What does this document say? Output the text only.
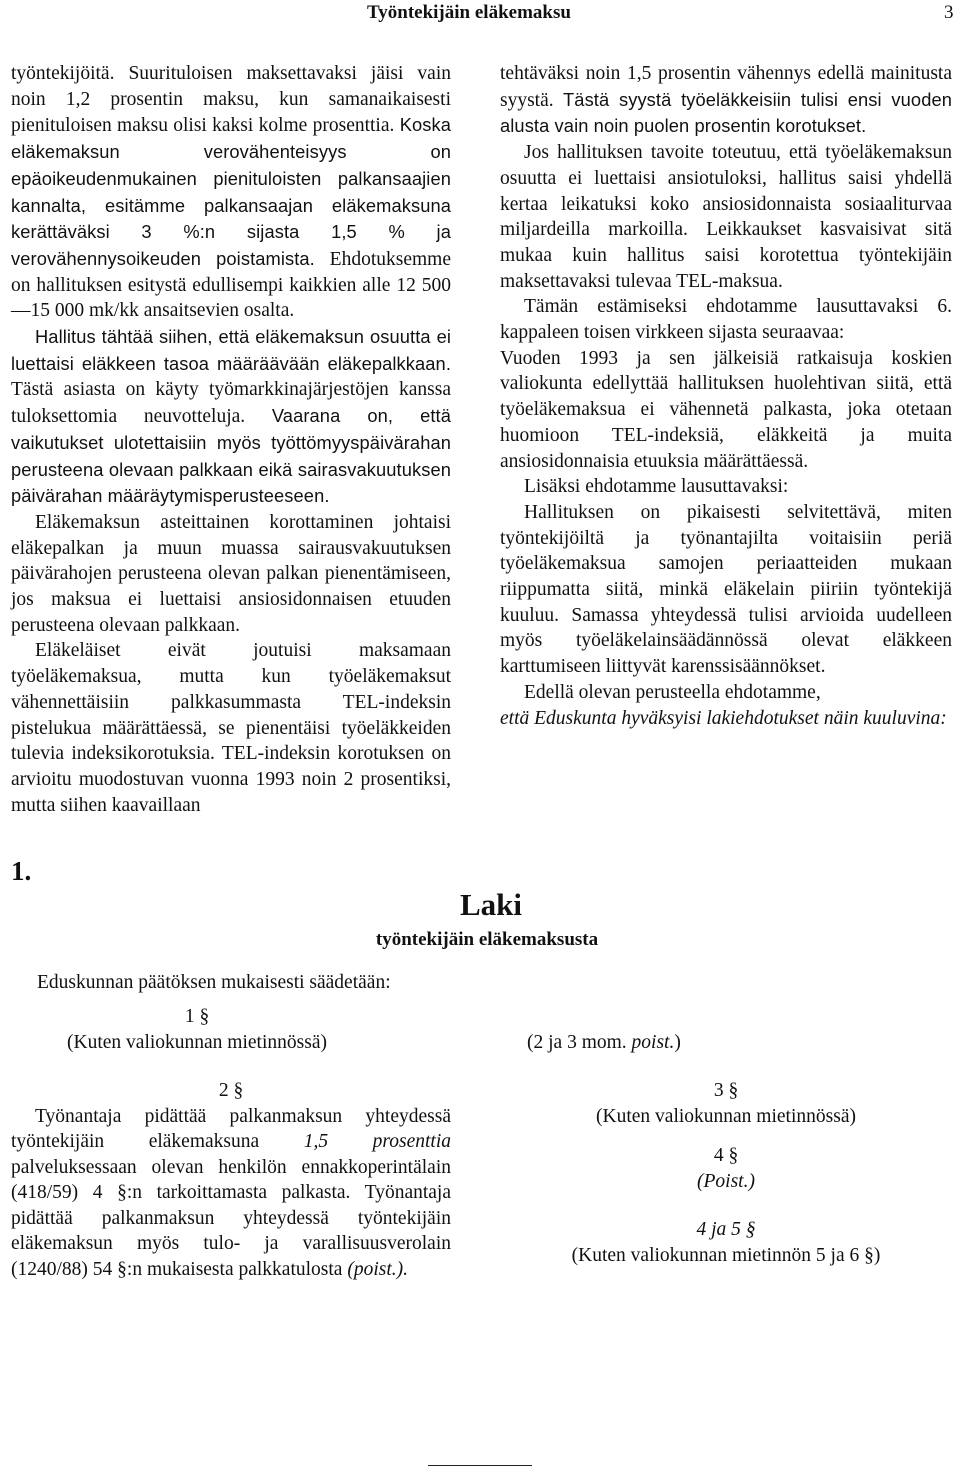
Työntekijäin eläkemaksu	3

työntekijöitä. Suurituloisen maksettavaksi jäisi vain noin 1,2 prosentin maksu, kun samanaikaisesti pienituloisen maksu olisi kaksi kolme prosenttia. Koska eläkemaksun verovähenteisyys on epäoikeudenmukainen pienituloisten palkansaajien kannalta, esitämme palkansaajan eläkemaksuna kerättäväksi 3 %:n sijasta 1,5 % ja verovähennysoikeuden poistamista. Ehdotuksemme on hallituksen esitystä edullisempi kaikkien alle 12 500—15 000 mk/kk ansaitsevien osalta.

Hallitus tähtää siihen, että eläkemaksun osuutta ei luettaisi eläkkeen tasoa määräävään eläkepalkkaan. Tästä asiasta on käyty työmarkkinajärjestöjen kanssa tuloksettomia neuvotteluja. Vaarana on, että vaikutukset ulotettaisiin myös työttömyyspäivärahan perusteena olevaan palkkaan eikä sairasvakuutuksen päivärahan määräytymisperusteeseen.

Eläkemaksun asteittainen korottaminen johtaisi eläkepalkan ja muun muassa sairausvakuutuksen päivärahojen perusteena olevan palkan pienentämiseen, jos maksua ei luettaisi ansiosidonnaisen etuuden perusteena olevaan palkkaan.

Eläkeläiset eivät joutuisi maksamaan työeläkemaksua, mutta kun työeläkemaksut vähennettäisiin palkkasummasta TEL-indeksin pistelukua määrättäessä, se pienentäisi työeläkkeiden tulevia indeksikorotuksia. TEL-indeksin korotuksen on arvioitu muodostuvan vuonna 1993 noin 2 prosentiksi, mutta siihen kaavaillaan

tehtäväksi noin 1,5 prosentin vähennys edellä mainitusta syystä. Tästä syystä työeläkkeisiin tulisi ensi vuoden alusta vain noin puolen prosentin korotukset.

Jos hallituksen tavoite toteutuu, että työeläkemaksun osuutta ei luettaisi ansiotuloksi, hallitus saisi yhdellä kertaa leikatuksi koko ansiosidonnaista sosiaaliturvaa miljardeilla markoilla. Leikkaukset kasvaisivat sitä mukaa kuin hallitus saisi korotettua työntekijäin maksettavaksi tulevaa TEL-maksua.

Tämän estämiseksi ehdotamme lausuttavaksi 6. kappaleen toisen virkkeen sijasta seuraavaa:

Vuoden 1993 ja sen jälkeisiä ratkaisuja koskien valiokunta edellyttää hallituksen huolehtivan siitä, että työeläkemaksua ei vähennetä palkasta, joka otetaan huomioon TEL-indeksiä, eläkkeitä ja muita ansiosidonnaisia etuuksia määrättäessä.

Lisäksi ehdotamme lausuttavaksi:

Hallituksen on pikaisesti selvitettävä, miten työntekijöiltä ja työnantajilta voitaisiin periä työeläkemaksua samojen periaatteiden mukaan riippumatta siitä, minkä eläkelain piiriin työntekijä kuuluu. Samassa yhteydessä tulisi arvioida uudelleen myös työeläkelainsäädännössä olevat eläkkeen karttumiseen liittyvät karenssisäännökset.

Edellä olevan perusteella ehdotamme,

että Eduskunta hyväksyisi lakiehdotukset näin kuuluvina:

1.
Laki
työntekijäin eläkemaksusta
Eduskunnan päätöksen mukaisesti säädetään:
1 §
(Kuten valiokunnan mietinnössä)	(2 ja 3 mom. poist.)
2 §
Työnantaja pidättää palkanmaksun yhteydessä työntekijäin eläkemaksuna 1,5 prosenttia palveluksessaan olevan henkilön ennakkoperintälain (418/59) 4 §:n tarkoittamasta palkasta. Työnantaja pidättää palkanmaksun yhteydessä työntekijäin eläkemaksun myös tulo- ja varallisuusverolain (1240/88) 54 §:n mukaisesta palkkatulosta (poist.).
3 §
(Kuten valiokunnan mietinnössä)
4 §
(Poist.)
4 ja 5 §
(Kuten valiokunnan mietinnön 5 ja 6 §)
